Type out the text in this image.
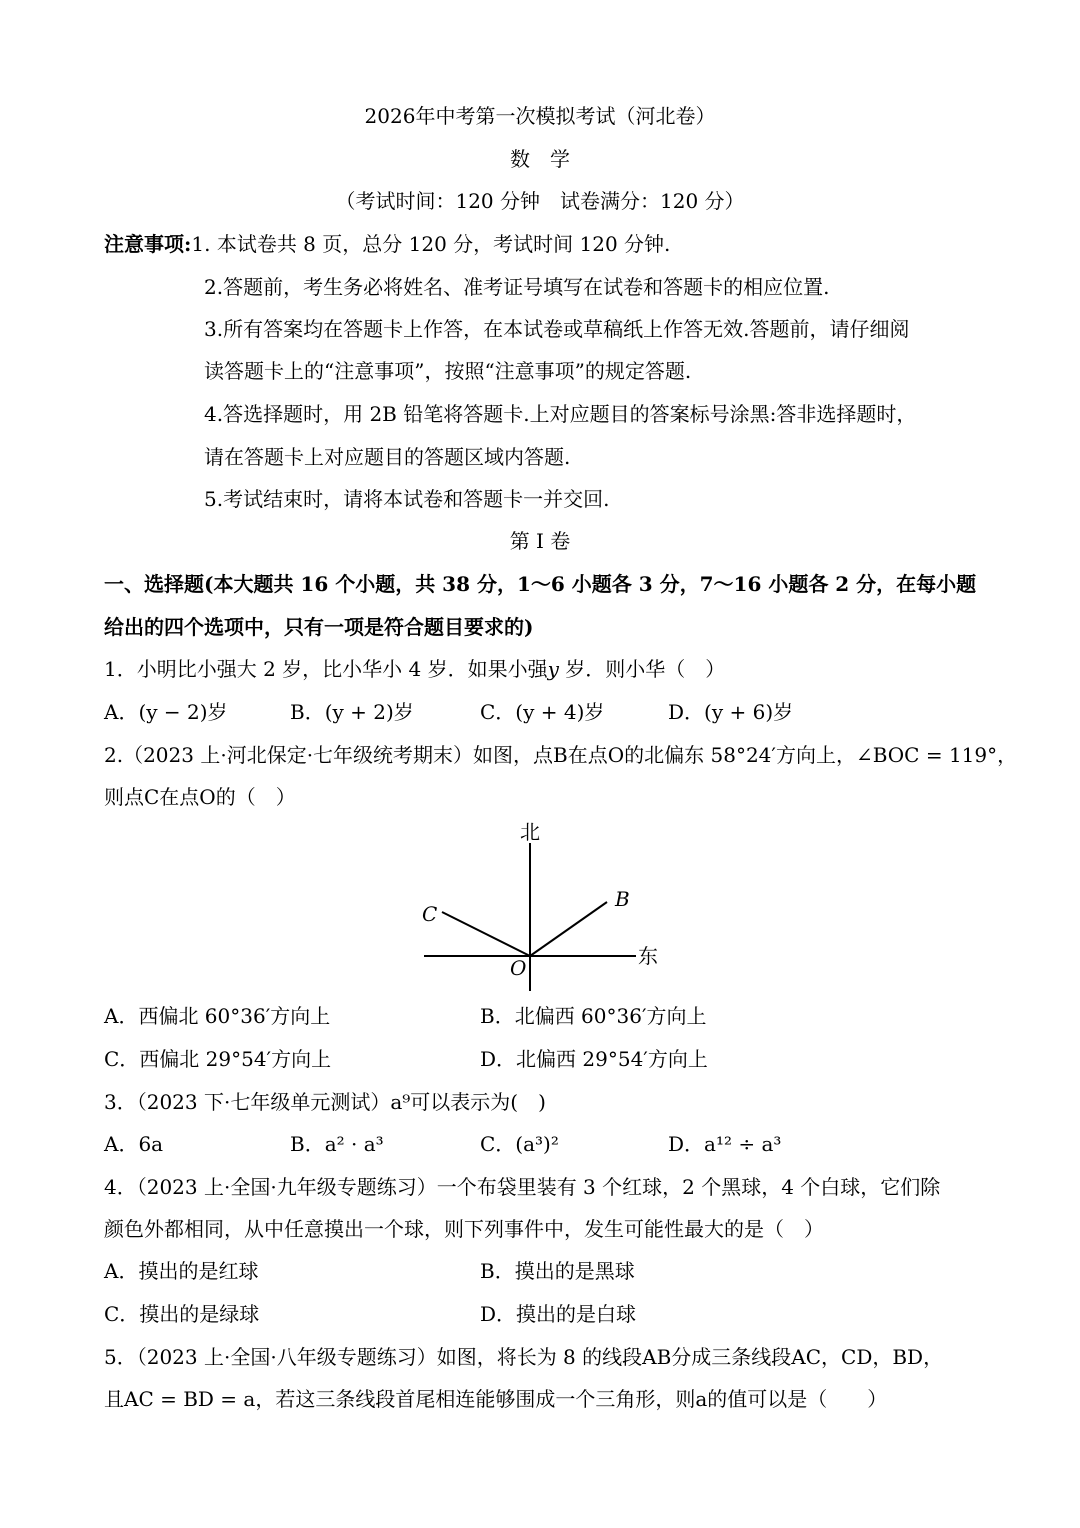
2026年中考第一次模拟考试（河北卷）
数　学
（考试时间：120 分钟　试卷满分：120 分）
注意事项:1. 本试卷共 8 页，总分 120 分，考试时间 120 分钟.
2.答题前，考生务必将姓名、准考证号填写在试卷和答题卡的相应位置.
3.所有答案均在答题卡上作答，在本试卷或草稿纸上作答无效.答题前，请仔细阅
读答题卡上的“注意事项”，按照“注意事项”的规定答题.
4.答选择题时，用 2B 铅笔将答题卡.上对应题目的答案标号涂黑:答非选择题时，
请在答题卡上对应题目的答题区域内答题.
5.考试结束时，请将本试卷和答题卡一并交回.
第 I 卷
一、选择题(本大题共 16 个小题，共 38 分，1～6 小题各 3 分，7～16 小题各 2 分，在每小题
给出的四个选项中，只有一项是符合题目要求的)
1．小明比小强大 2 岁，比小华小 4 岁．如果小强y 岁．则小华（　）
A．(y − 2)岁	B．(y + 2)岁	C．(y + 4)岁	D．(y + 6)岁
2.（2023 上·河北保定·七年级统考期末）如图，点B在点O的北偏东 58°24′方向上，∠BOC = 119°，
则点C在点O的（　）
北
东
B
C
O
A．西偏北 60°36′方向上	B．北偏西 60°36′方向上
C．西偏北 29°54′方向上	D．北偏西 29°54′方向上
3．（2023 下·七年级单元测试）a⁹可以表示为(　)
A．6a	B．a² · a³	C．(a³)²	D．a¹² ÷ a³
4．（2023 上·全国·九年级专题练习）一个布袋里装有 3 个红球，2 个黑球，4 个白球，它们除
颜色外都相同，从中任意摸出一个球，则下列事件中，发生可能性最大的是（　）
A．摸出的是红球	B．摸出的是黑球
C．摸出的是绿球	D．摸出的是白球
5．（2023 上·全国·八年级专题练习）如图，将长为 8 的线段AB分成三条线段AC，CD，BD，
且AC = BD = a，若这三条线段首尾相连能够围成一个三角形，则a的值可以是（　　）
